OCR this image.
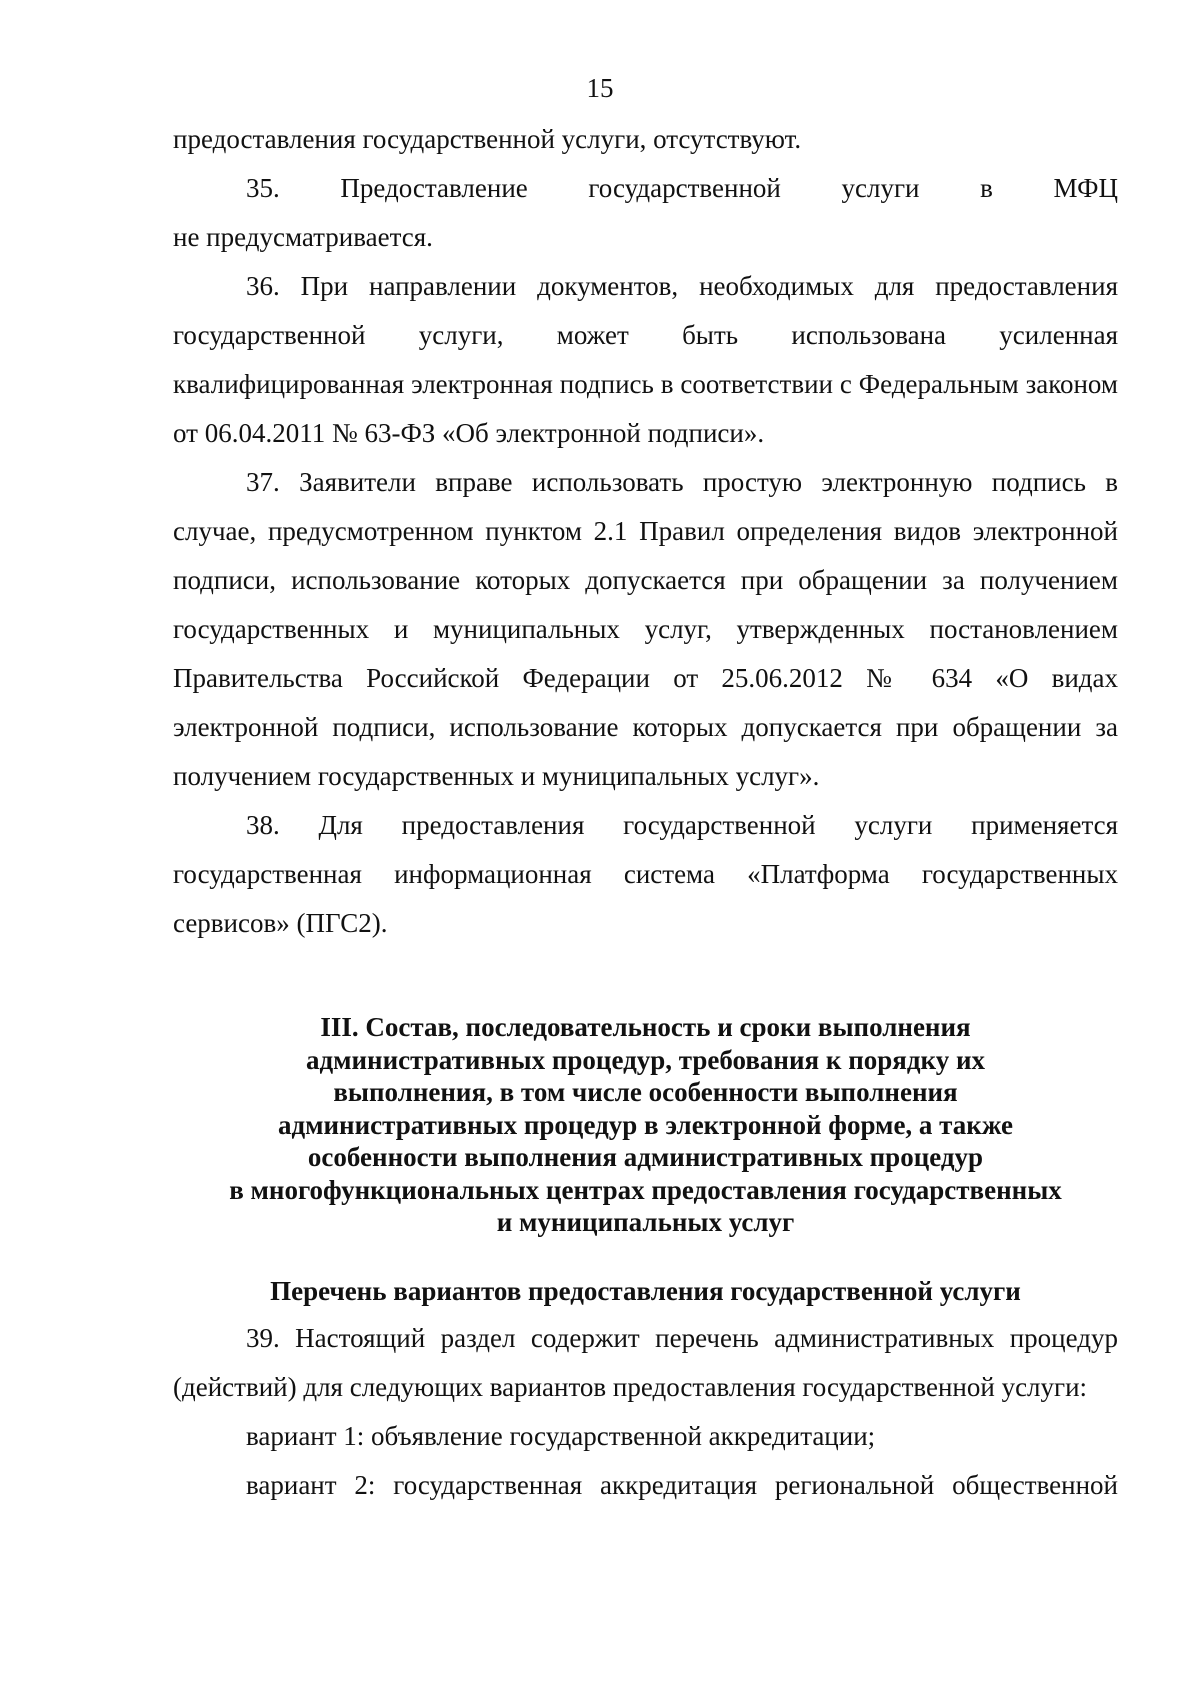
15

предоставления государственной услуги, отсутствуют.

35. Предоставление государственной услуги в МФЦ

не предусматривается.

36. При направлении документов, необходимых для предоставления государственной услуги, может быть использована усиленная квалифицированная электронная подпись в соответствии с Федеральным законом от 06.04.2011 № 63-ФЗ «Об электронной подписи».

37. Заявители вправе использовать простую электронную подпись в случае, предусмотренном пунктом 2.1 Правил определения видов электронной подписи, использование которых допускается при обращении за получением государственных и муниципальных услуг, утвержденных постановлением Правительства Российской Федерации от 25.06.2012 № 634 «О видах электронной подписи, использование которых допускается при обращении за получением государственных и муниципальных услуг».

38. Для предоставления государственной услуги применяется государственная информационная система «Платформа государственных сервисов» (ПГС2).

III. Состав, последовательность и сроки выполнения
административных процедур, требования к порядку их
выполнения, в том числе особенности выполнения
административных процедур в электронной форме, а также
особенности выполнения административных процедур
в многофункциональных центрах предоставления государственных
и муниципальных услуг
Перечень вариантов предоставления государственной услуги

39. Настоящий раздел содержит перечень административных процедур (действий) для следующих вариантов предоставления государственной услуги:

вариант 1: объявление государственной аккредитации;

вариант 2: государственная аккредитация региональной общественной
